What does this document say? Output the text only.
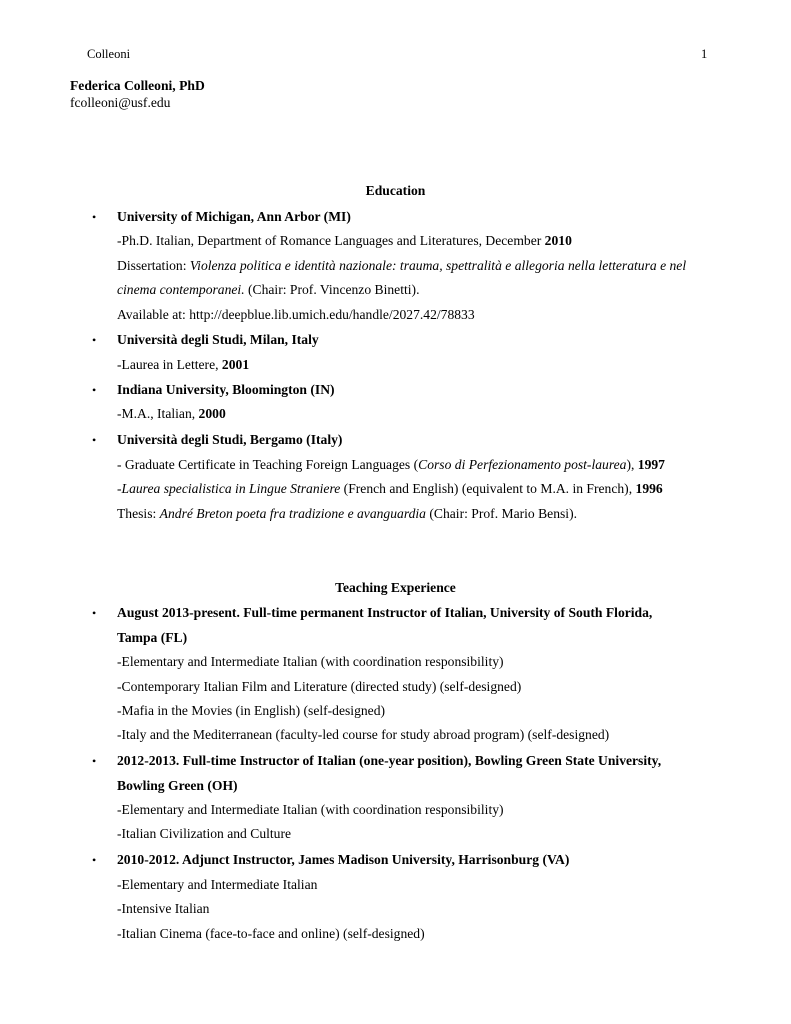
Colleoni	1
Federica Colleoni, PhD
fcolleoni@usf.edu
Education
• University of Michigan, Ann Arbor (MI)
-Ph.D. Italian, Department of Romance Languages and Literatures, December 2010
Dissertation: Violenza politica e identità nazionale: trauma, spettralità e allegoria nella letteratura e nel
cinema contemporanei. (Chair: Prof. Vincenzo Binetti).
Available at: http://deepblue.lib.umich.edu/handle/2027.42/78833
• Università degli Studi, Milan, Italy
-Laurea in Lettere, 2001
• Indiana University, Bloomington (IN)
-M.A., Italian, 2000
• Università degli Studi, Bergamo (Italy)
- Graduate Certificate in Teaching Foreign Languages (Corso di Perfezionamento post-laurea), 1997
-Laurea specialistica in Lingue Straniere (French and English) (equivalent to M.A. in French), 1996
Thesis: André Breton poeta fra tradizione e avanguardia (Chair: Prof. Mario Bensi).
Teaching Experience
• August 2013-present. Full-time permanent Instructor of Italian, University of South Florida,
Tampa (FL)
-Elementary and Intermediate Italian (with coordination responsibility)
-Contemporary Italian Film and Literature (directed study) (self-designed)
-Mafia in the Movies (in English) (self-designed)
-Italy and the Mediterranean (faculty-led course for study abroad program) (self-designed)
• 2012-2013. Full-time Instructor of Italian (one-year position), Bowling Green State University,
Bowling Green (OH)
-Elementary and Intermediate Italian (with coordination responsibility)
-Italian Civilization and Culture
• 2010-2012. Adjunct Instructor, James Madison University, Harrisonburg (VA)
-Elementary and Intermediate Italian
-Intensive Italian
-Italian Cinema (face-to-face and online) (self-designed)
